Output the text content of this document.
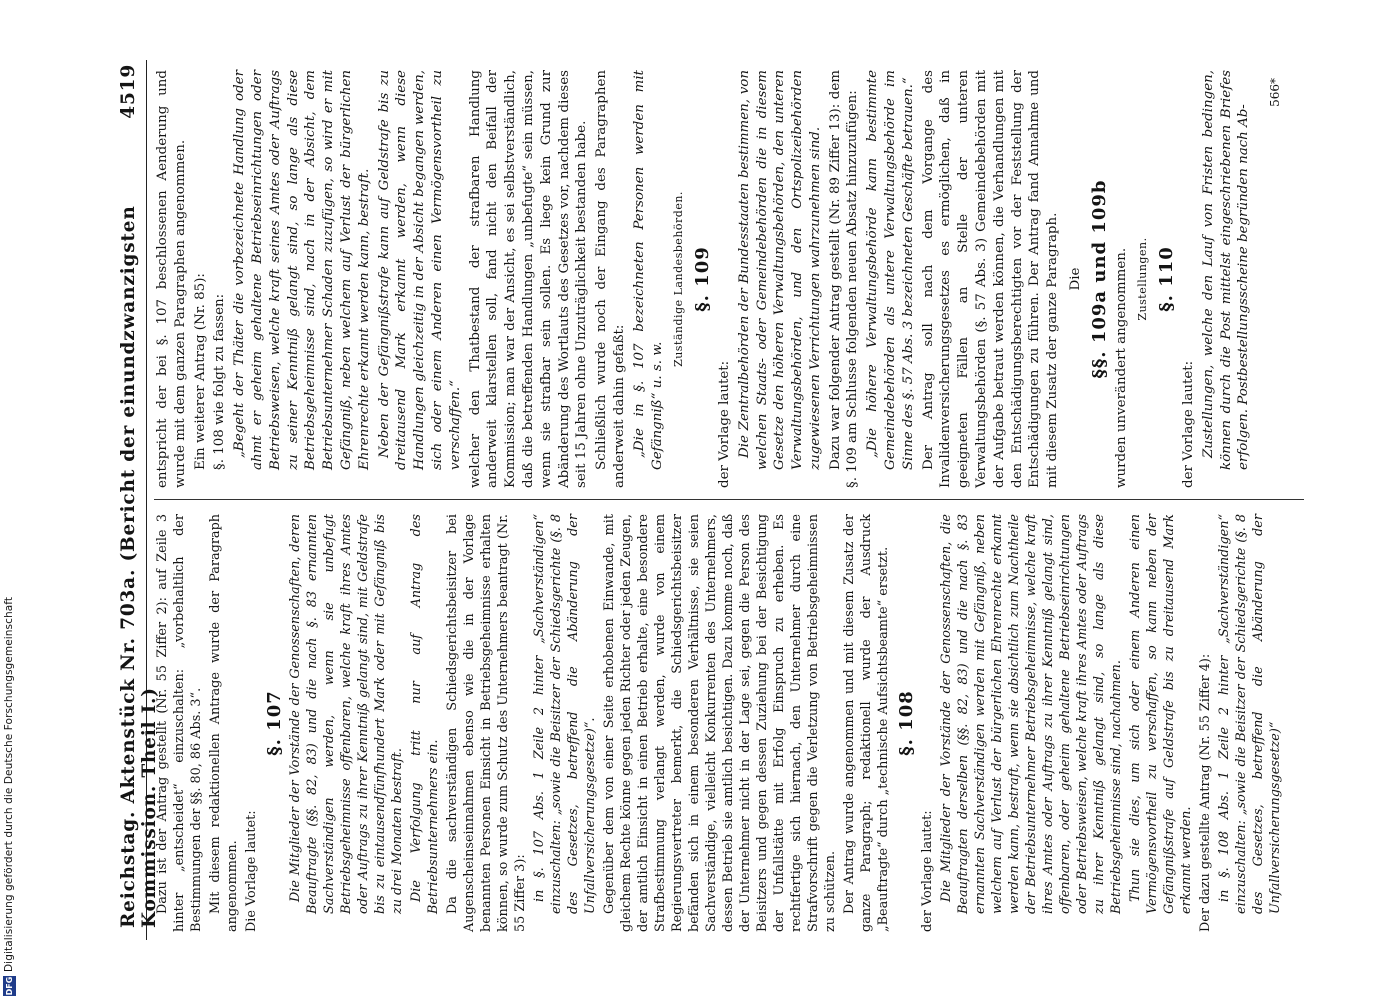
DFG
Digitalisierung gefördert durch die Deutsche Forschungsgemeinschaft	Reichstag. Aktenstück Nr. 703a. (Bericht der einundzwanzigsten Kommission. Theil I.)
4519

Dazu ist der Antrag gestellt (Nr. 55 Ziffer 2): auf Zeile 3 hinter „entscheidet“ einzuschalten: „vorbehaltlich der Bestimmungen der §§. 80, 86 Abs. 3“. Mit diesem redaktionellen Antrage wurde der Paragraph angenommen. Die Vorlage lautet:

§. 107 Die Mitglieder der Vorstände der Genossenschaften, deren Beauftragte (§§. 82, 83) und die nach §. 83 ernannten Sachverständigen werden, wenn sie unbefugt Betriebsgeheimnisse offenbaren, welche kraft ihres Amtes oder Auftrags zu ihrer Kenntniß gelangt sind, mit Geldstrafe bis zu eintausendfünfhundert Mark oder mit Gefängniß bis zu drei Monaten bestraft. Die Verfolgung tritt nur auf Antrag des Betriebsunternehmers ein. Da die sachverständigen Schiedsgerichtsbeisitzer bei Augenscheinseinnahmen ebenso wie die in der Vorlage benannten Personen Einsicht in Betriebsgeheimnisse erhalten können, so wurde zum Schutz des Unternehmers beantragt (Nr. 55 Ziffer 3): in §. 107 Abs. 1 Zeile 2 hinter „Sachverständigen“ einzuschalten: „sowie die Beisitzer der Schiedsgerichte (§. 8 des Gesetzes, betreffend die Abänderung der Unfallversicherungsgesetze)“. Gegenüber dem von einer Seite erhobenen Einwande, mit gleichem Rechte könne gegen jeden Richter oder jeden Zeugen, der amtlich Einsicht in einen Betrieb erhalte, eine besondere Strafbestimmung verlangt werden, wurde von einem Regierungsvertreter bemerkt, die Schiedsgerichtsbeisitzer befänden sich in einem besonderen Verhältnisse, sie seien Sachverständige, vielleicht Konkurrenten des Unternehmers, dessen Betrieb sie amtlich besichtigen. Dazu komme noch, daß der Unternehmer nicht in der Lage sei, gegen die Person des Beisitzers und gegen dessen Zuziehung bei der Besichtigung der Unfallstätte mit Erfolg Einspruch zu erheben. Es rechtfertige sich hiernach, den Unternehmer durch eine Strafvorschrift gegen die Verletzung von Betriebsgeheimnissen zu schützen. Der Antrag wurde angenommen und mit diesem Zusatz der ganze Paragraph; redaktionell wurde der Ausdruck „Beauftragte“ durch „technische Aufsichtsbeamte“ ersetzt. §. 108

der Vorlage lautet: Die Mitglieder der Vorstände der Genossenschaften, die Beauftragten derselben (§§. 82, 83) und die nach §. 83 ernannten Sachverständigen werden mit Gefängniß, neben welchem auf Verlust der bürgerlichen Ehrenrechte erkannt werden kann, bestraft, wenn sie absichtlich zum Nachtheile der Betriebsunternehmer Betriebsgeheimnisse, welche kraft ihres Amtes oder Auftrags zu ihrer Kenntniß gelangt sind, offenbaren, oder geheim gehaltene Betriebseinrichtungen oder Betriebsweisen, welche kraft ihres Amtes oder Auftrags zu ihrer Kenntniß gelangt sind, so lange als diese Betriebsgeheimnisse sind, nachahmen. Thun sie dies, um sich oder einem Anderen einen Vermögensvortheil zu verschaffen, so kann neben der Gefängnißstrafe auf Geldstrafe bis zu dreitausend Mark erkannt werden. Der dazu gestellte Antrag (Nr. 55 Ziffer 4): in §. 108 Abs. 1 Zeile 2 hinter „Sachverständigen“ einzuschalten: „sowie die Beisitzer der Schiedsgerichte (§. 8 des Gesetzes, betreffend die Abänderung der Unfallversicherungsgesetze)“

entspricht der bei §. 107 beschlossenen Aenderung und wurde mit dem ganzen Paragraphen angenommen. Ein weiterer Antrag (Nr. 85): §. 108 wie folgt zu fassen: „Begeht der Thäter die vorbezeichnete Handlung oder ahmt er geheim gehaltene Betriebseinrichtungen oder Betriebsweisen, welche kraft seines Amtes oder Auftrags zu seiner Kenntniß gelangt sind, so lange als diese Betriebsgeheimnisse sind, nach in der Absicht, dem Betriebsunternehmer Schaden zuzufügen, so wird er mit Gefängniß, neben welchem auf Verlust der bürgerlichen Ehrenrechte erkannt werden kann, bestraft. Neben der Gefängnißstrafe kann auf Geldstrafe bis zu dreitausend Mark erkannt werden, wenn diese Handlungen gleichzeitig in der Absicht begangen werden, sich oder einem Anderen einen Vermögensvortheil zu verschaffen.“ welcher den Thatbestand der strafbaren Handlung anderweit klarstellen soll, fand nicht den Beifall der Kommission; man war der Ansicht, es sei selbstverständlich, daß die betreffenden Handlungen „unbefugte“ sein müssen, wenn sie strafbar sein sollen. Es liege kein Grund zur Abänderung des Wortlauts des Gesetzes vor, nachdem dieses seit 15 Jahren ohne Unzuträglichkeit bestanden habe. Schließlich wurde noch der Eingang des Paragraphen anderweit dahin gefaßt: „Die in §. 107 bezeichneten Personen werden mit Gefängniß“ u. s. w.

Zuständige Landesbehörden. §. 109

der Vorlage lautet: Die Zentralbehörden der Bundesstaaten bestimmen, von welchen Staats- oder Gemeindebehörden die in diesem Gesetze den höheren Verwaltungsbehörden, den unteren Verwaltungsbehörden, und den Ortspolizeibehörden zugewiesenen Verrichtungen wahrzunehmen sind. Dazu war folgender Antrag gestellt (Nr. 89 Ziffer 13): dem §. 109 am Schlusse folgenden neuen Absatz hinzuzufügen: „Die höhere Verwaltungsbehörde kann bestimmte Gemeindebehörden als untere Verwaltungsbehörde im Sinne des §. 57 Abs. 3 bezeichneten Geschäfte betrauen.“ Der Antrag soll nach dem Vorgange des Invalidenversicherungsgesetzes es ermöglichen, daß in geeigneten Fällen an Stelle der unteren Verwaltungsbehörden (§. 57 Abs. 3) Gemeindebehörden mit der Aufgabe betraut werden können, die Verhandlungen mit den Entschädigungsberechtigten vor der Feststellung der Entschädigungen zu führen. Der Antrag fand Annahme und mit diesem Zusatz der ganze Paragraph. Die §§. 109a und 109b wurden unverändert angenommen. Zustellungen. §. 110

der Vorlage lautet: Zustellungen, welche den Lauf von Fristen bedingen, können durch die Post mittelst eingeschriebenen Briefes erfolgen. Postbestellungsscheine begründen nach Ab-

566*
